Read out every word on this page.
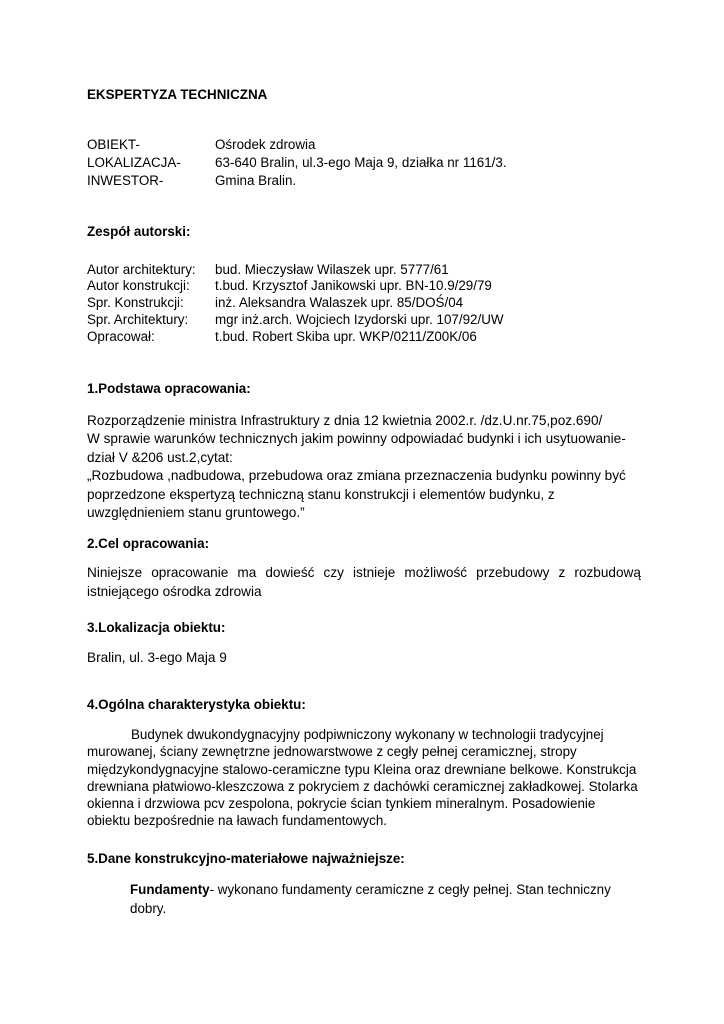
EKSPERTYZA TECHNICZNA
OBIEKT-	Ośrodek zdrowia
LOKALIZACJA-	63-640 Bralin, ul.3-ego Maja 9, działka nr 1161/3.
INWESTOR-	Gmina Bralin.
Zespół autorski:
Autor architektury: bud. Mieczysław Wilaszek upr. 5777/61
Autor konstrukcji: t.bud. Krzysztof Janikowski upr. BN-10.9/29/79
Spr. Konstrukcji: inż. Aleksandra Walaszek upr. 85/DOŚ/04
Spr. Architektury: mgr inż.arch. Wojciech Izydorski upr. 107/92/UW
Opracował:	t.bud. Robert Skiba upr. WKP/0211/Z00K/06
1.Podstawa opracowania:

Rozporządzenie ministra Infrastruktury z dnia 12 kwietnia 2002.r. /dz.U.nr.75,poz.690/

W sprawie warunków technicznych jakim powinny odpowiadać budynki i ich usytuowanie-

dział V &206 ust.2,cytat:

„Rozbudowa ,nadbudowa, przebudowa oraz zmiana przeznaczenia budynku powinny być

poprzedzone ekspertyzą techniczną stanu konstrukcji i elementów budynku, z

uwzględnieniem stanu gruntowego.”

2.Cel opracowania:

Niniejsze opracowanie ma dowieść czy istnieje możliwość przebudowy z rozbudową

istniejącego ośrodka zdrowia

3.Lokalizacja obiektu:
Bralin, ul. 3-ego Maja 9
4.Ogólna charakterystyka obiektu:

Budynek dwukondygnacyjny podpiwniczony wykonany w technologii tradycyjnej

murowanej, ściany zewnętrzne jednowarstwowe z cegły pełnej ceramicznej, stropy

międzykondygnacyjne stalowo-ceramiczne typu Kleina oraz drewniane belkowe. Konstrukcja

drewniana płatwiowo-kleszczowa z pokryciem z dachówki ceramicznej zakładkowej. Stolarka

okienna i drzwiowa pcv zespolona, pokrycie ścian tynkiem mineralnym. Posadowienie

obiektu bezpośrednie na ławach fundamentowych.

5.Dane konstrukcyjno-materiałowe najważniejsze:
Fundamenty- wykonano fundamenty ceramiczne z cegły pełnej. Stan techniczny
dobry.
